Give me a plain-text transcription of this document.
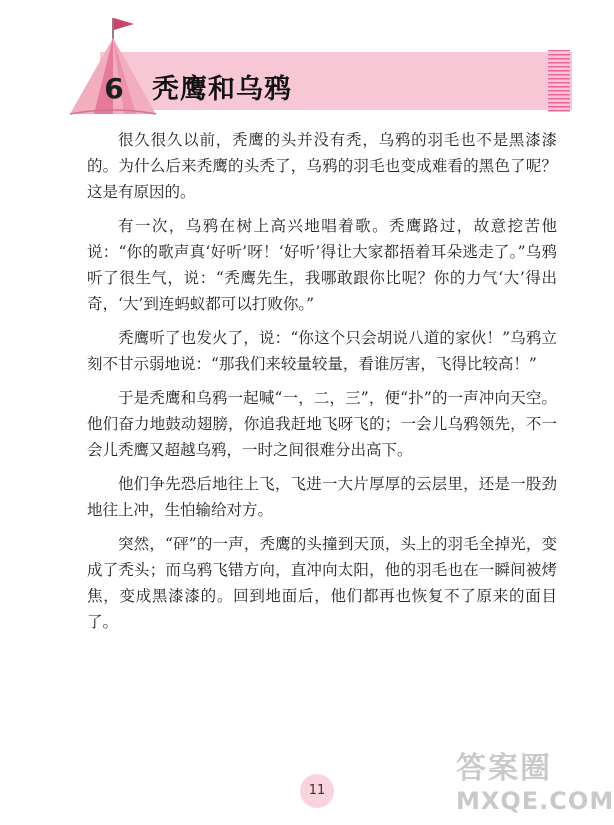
6	秃鹰和乌鸦

很久很久以前，秃鹰的头并没有秃，乌鸦的羽毛也不是黑漆漆的。为什么后来秃鹰的头秃了，乌鸦的羽毛也变成难看的黑色了呢？这是有原因的。

有一次，乌鸦在树上高兴地唱着歌。秃鹰路过，故意挖苦他说：“你的歌声真‘好听’呀！‘好听’得让大家都捂着耳朵逃走了。”乌鸦听了很生气，说：“秃鹰先生，我哪敢跟你比呢？你的力气‘大’得出奇，‘大’到连蚂蚁都可以打败你。”

秃鹰听了也发火了，说：“你这个只会胡说八道的家伙！”乌鸦立刻不甘示弱地说：“那我们来较量较量，看谁厉害，飞得比较高！”

于是秃鹰和乌鸦一起喊“一，二，三”，便“扑”的一声冲向天空。他们奋力地鼓动翅膀，你追我赶地飞呀飞的；一会儿乌鸦领先，不一会儿秃鹰又超越乌鸦，一时之间很难分出高下。

他们争先恐后地往上飞，飞进一大片厚厚的云层里，还是一股劲地往上冲，生怕输给对方。

突然，“砰”的一声，秃鹰的头撞到天顶，头上的羽毛全掉光，变成了秃头；而乌鸦飞错方向，直冲向太阳，他的羽毛也在一瞬间被烤焦，变成黑漆漆的。回到地面后，他们都再也恢复不了原来的面目了。

11
答案圈
MXQE.COM
